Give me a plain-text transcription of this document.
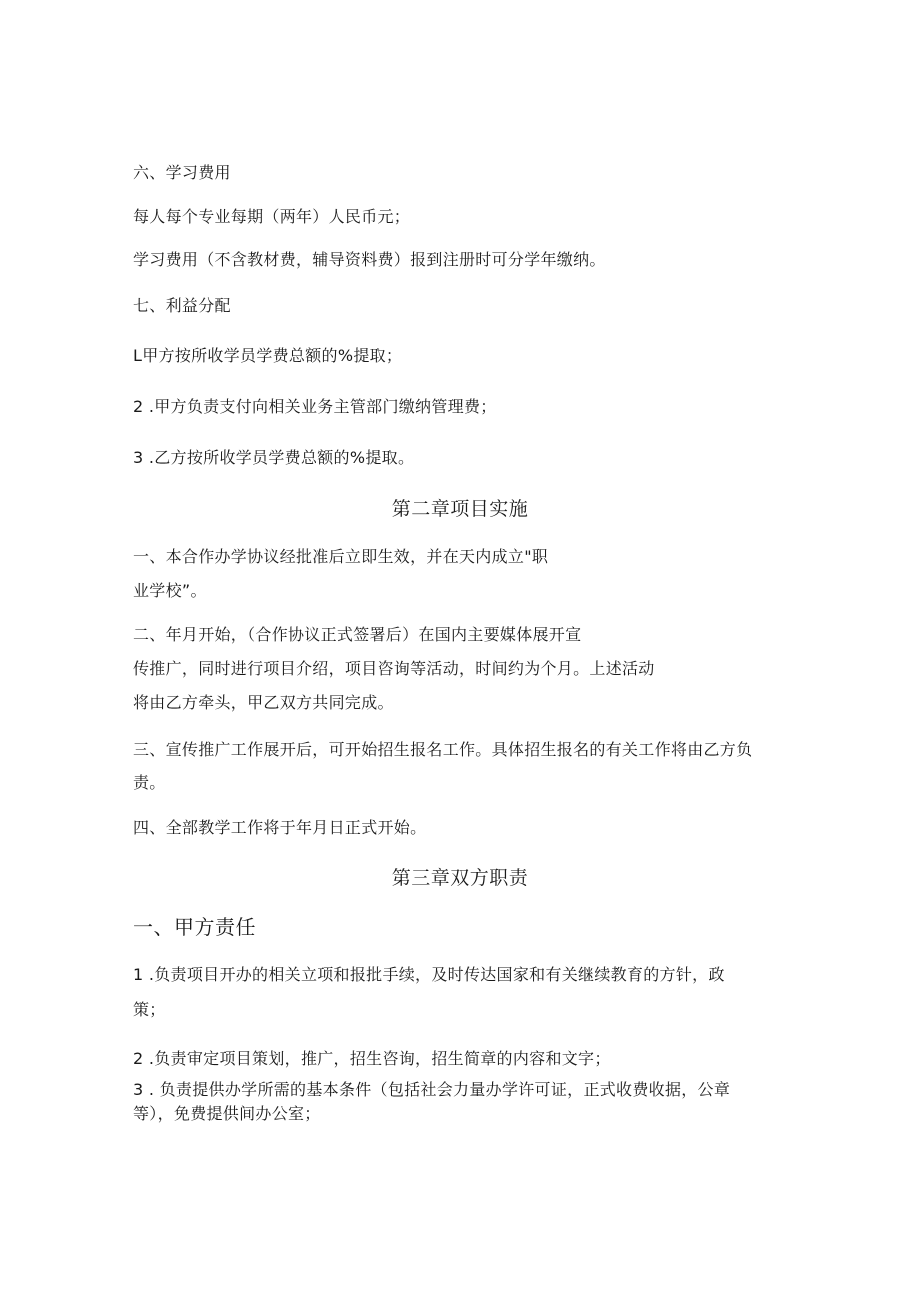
六、学习费用
每人每个专业每期（两年）人民币元；
学习费用（不含教材费，辅导资料费）报到注册时可分学年缴纳。
七、利益分配
L甲方按所收学员学费总额的%提取；
2 .甲方负责支付向相关业务主管部门缴纳管理费；
3 .乙方按所收学员学费总额的%提取。
第二章项目实施
一、本合作办学协议经批准后立即生效，并在天内成立"职
业学校”。
二、年月开始，（合作协议正式签署后）在国内主要媒体展开宣
传推广，同时进行项目介绍，项目咨询等活动，时间约为个月。上述活动
将由乙方牵头，甲乙双方共同完成。
三、宣传推广工作展开后，可开始招生报名工作。具体招生报名的有关工作将由乙方负
责。
四、全部教学工作将于年月日正式开始。
第三章双方职责
一、甲方责任
1 .负责项目开办的相关立项和报批手续，及时传达国家和有关继续教育的方针，政
策；
2 .负责审定项目策划，推广，招生咨询，招生简章的内容和文字；
3 . 负责提供办学所需的基本条件（包括社会力量办学许可证，正式收费收据，公章
等），免费提供间办公室；
